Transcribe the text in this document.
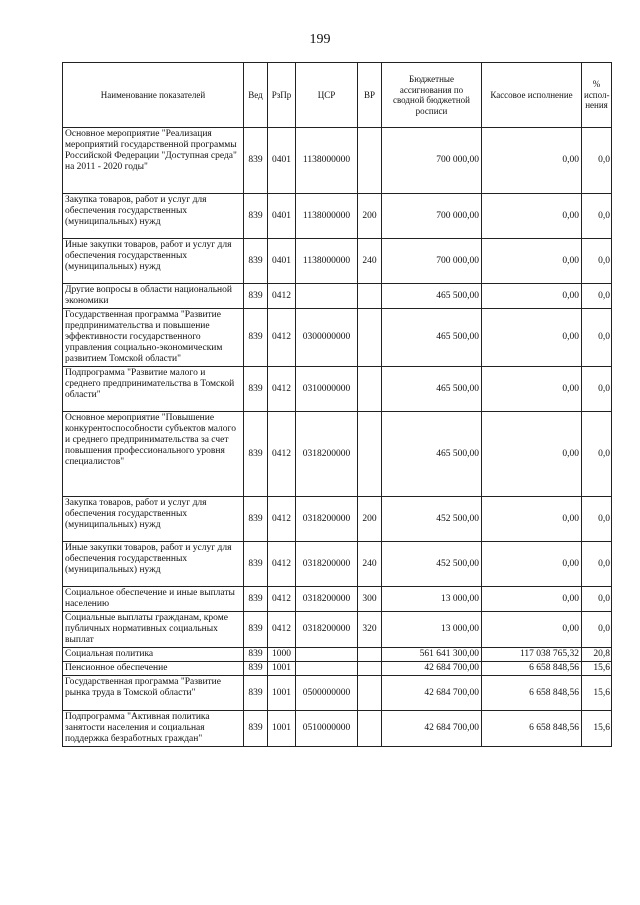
199
Наименование показателей	Вед	РзПр	ЦСР	ВР	Бюджетные ассигнования по сводной бюджетной росписи	Кассовое исполнение	% испол-нения
Основное мероприятие "Реализация мероприятий государственной программы Российской Федерации "Доступная среда" на 2011 - 2020 годы"	839	0401	1138000000		700 000,00	0,00	0,0
Закупка товаров, работ и услуг для обеспечения государственных (муниципальных) нужд	839	0401	1138000000	200	700 000,00	0,00	0,0
Иные закупки товаров, работ и услуг для обеспечения государственных (муниципальных) нужд	839	0401	1138000000	240	700 000,00	0,00	0,0
Другие вопросы в области национальной экономики	839	0412			465 500,00	0,00	0,0
Государственная программа "Развитие предпринимательства и повышение эффективности государственного управления социально-экономическим развитием Томской области"	839	0412	0300000000		465 500,00	0,00	0,0
Подпрограмма "Развитие малого и среднего предпринимательства в Томской области"	839	0412	0310000000		465 500,00	0,00	0,0
Основное мероприятие "Повышение конкурентоспособности субъектов малого и среднего предпринимательства за счет повышения профессионального уровня специалистов"	839	0412	0318200000		465 500,00	0,00	0,0
Закупка товаров, работ и услуг для обеспечения государственных (муниципальных) нужд	839	0412	0318200000	200	452 500,00	0,00	0,0
Иные закупки товаров, работ и услуг для обеспечения государственных (муниципальных) нужд	839	0412	0318200000	240	452 500,00	0,00	0,0
Социальное обеспечение и иные выплаты населению	839	0412	0318200000	300	13 000,00	0,00	0,0
Социальные выплаты гражданам, кроме публичных нормативных социальных выплат	839	0412	0318200000	320	13 000,00	0,00	0,0
Социальная политика	839	1000			561 641 300,00	117 038 765,32	20,8
Пенсионное обеспечение	839	1001			42 684 700,00	6 658 848,56	15,6
Государственная программа "Развитие рынка труда в Томской области"	839	1001	0500000000		42 684 700,00	6 658 848,56	15,6
Подпрограмма "Активная политика занятости населения и социальная поддержка безработных граждан"	839	1001	0510000000		42 684 700,00	6 658 848,56	15,6
